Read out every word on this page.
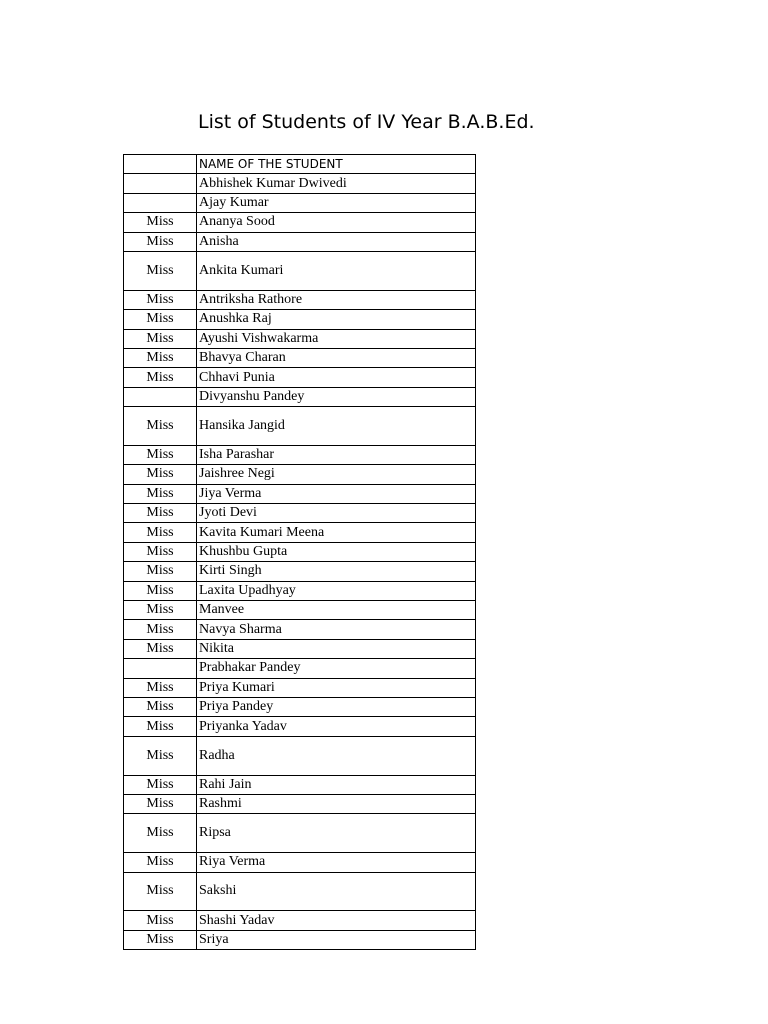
List of Students of IV Year B.A.B.Ed.
	NAME OF THE STUDENT
	Abhishek Kumar Dwivedi
	Ajay Kumar
Miss	Ananya Sood
Miss	Anisha
Miss	Ankita Kumari
Miss	Antriksha Rathore
Miss	Anushka Raj
Miss	Ayushi Vishwakarma
Miss	Bhavya Charan
Miss	Chhavi Punia
	Divyanshu Pandey
Miss	Hansika Jangid
Miss	Isha Parashar
Miss	Jaishree Negi
Miss	Jiya Verma
Miss	Jyoti Devi
Miss	Kavita Kumari Meena
Miss	Khushbu Gupta
Miss	Kirti Singh
Miss	Laxita Upadhyay
Miss	Manvee
Miss	Navya Sharma
Miss	Nikita
	Prabhakar Pandey
Miss	Priya Kumari
Miss	Priya Pandey
Miss	Priyanka Yadav
Miss	Radha
Miss	Rahi Jain
Miss	Rashmi
Miss	Ripsa
Miss	Riya Verma
Miss	Sakshi
Miss	Shashi Yadav
Miss	Sriya
